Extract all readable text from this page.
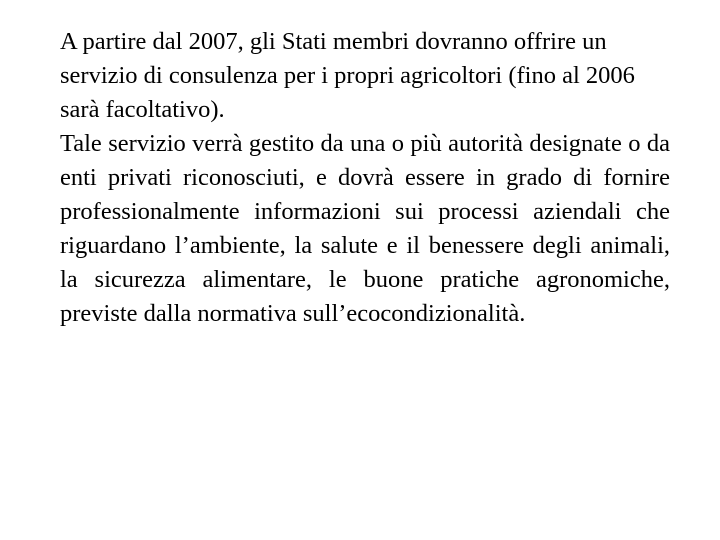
A partire dal 2007, gli Stati membri dovranno offrire un servizio di consulenza per i propri agricoltori (fino al 2006 sarà facoltativo).

Tale servizio verrà gestito da una o più autorità designate o da enti privati riconosciuti, e dovrà essere in grado di fornire professionalmente informazioni sui processi aziendali che riguardano l’ambiente, la salute e il benessere degli animali, la sicurezza alimentare, le buone pratiche agronomiche, previste dalla normativa sull’ecocondizionalità.
